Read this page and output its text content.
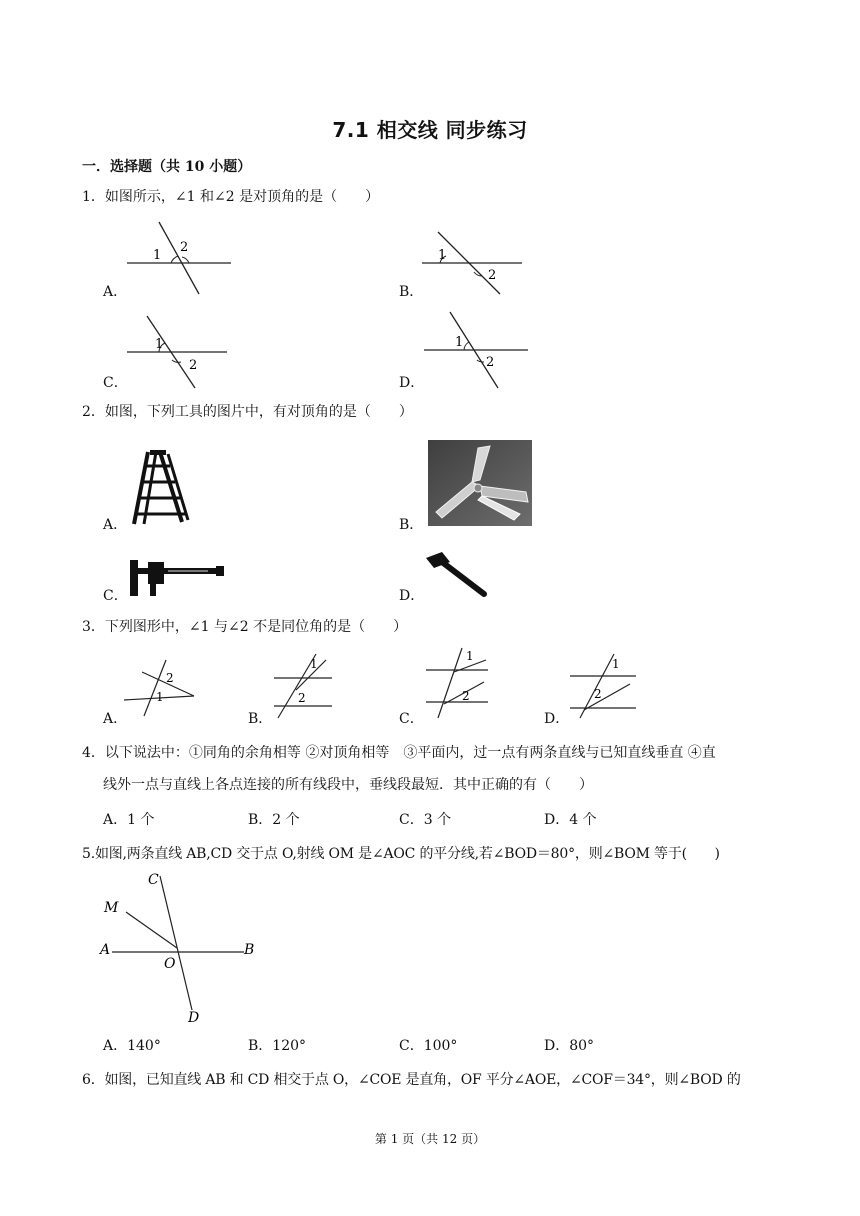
7.1 相交线 同步练习
一．选择题（共 10 小题）
1．如图所示，∠1 和∠2 是对顶角的是（　　）
A．
1
2
B．
1
2
C．
1
2
D．
1
2
2．如图，下列工具的图片中，有对顶角的是（　　）
A．	B．
C．	D．
3．下列图形中，∠1 与∠2 不是同位角的是（　　）
A．
2
1
B．
1
2
C．
1
2
D．
1
2
4．以下说法中：①同角的余角相等 ②对顶角相等　③平面内，过一点有两条直线与已知直线垂直 ④直
线外一点与直线上各点连接的所有线段中，垂线段最短．其中正确的有（　　）
A．1 个	B．2 个	C．3 个	D．4 个
5.如图,两条直线 AB,CD 交于点 O,射线 OM 是∠AOC 的平分线,若∠BOD＝80°，则∠BOM 等于(　　)
C
M
A	B
O
D
A．140°	B．120°	C．100°	D．80°
6．如图，已知直线 AB 和 CD 相交于点 O，∠COE 是直角，OF 平分∠AOE，∠COF＝34°，则∠BOD 的
第 1 页（共 12 页）
